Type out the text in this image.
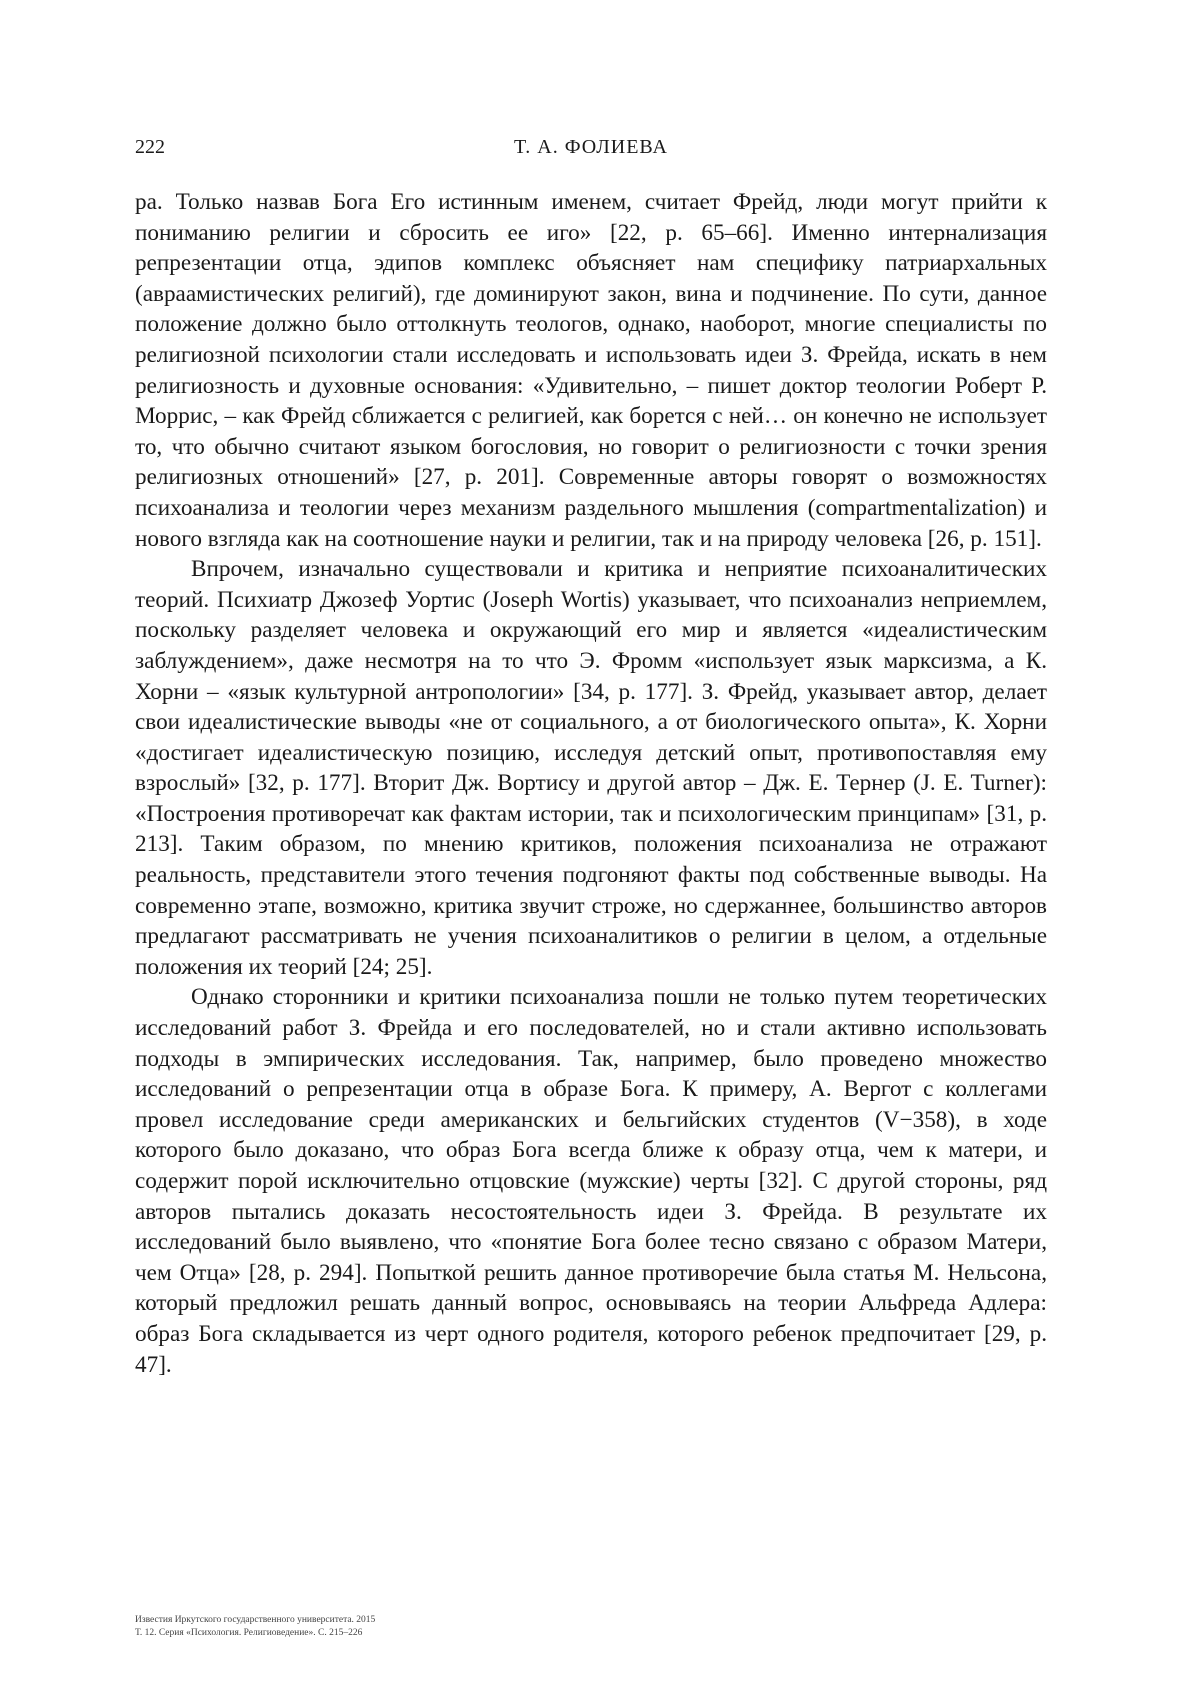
222	Т. А. ФОЛИЕВА

ра. Только назвав Бога Его истинным именем, считает Фрейд, люди могут прийти к пониманию религии и сбросить ее иго» [22, p. 65–66]. Именно интернализация репрезентации отца, эдипов комплекс объясняет нам специфику патриархальных (авраамистических религий), где доминируют закон, вина и подчинение. По сути, данное положение должно было оттолкнуть теологов, однако, наоборот, многие специалисты по религиозной психологии стали исследовать и использовать идеи З. Фрейда, искать в нем религиозность и духовные основания: «Удивительно, – пишет доктор теологии Роберт Р. Моррис, – как Фрейд сближается с религией, как борется с ней… он конечно не использует то, что обычно считают языком богословия, но говорит о религиозности с точки зрения религиозных отношений» [27, p. 201]. Современные авторы говорят о возможностях психоанализа и теологии через механизм раздельного мышления (compartmentalization) и нового взгляда как на соотношение науки и религии, так и на природу человека [26, p. 151].

Впрочем, изначально существовали и критика и неприятие психоаналитических теорий. Психиатр Джозеф Уортис (Joseph Wortis) указывает, что психоанализ неприемлем, поскольку разделяет человека и окружающий его мир и является «идеалистическим заблуждением», даже несмотря на то что Э. Фромм «использует язык марксизма, а К. Хорни – «язык культурной антропологии» [34, p. 177]. З. Фрейд, указывает автор, делает свои идеалистические выводы «не от социального, а от биологического опыта», К. Хорни «достигает идеалистическую позицию, исследуя детский опыт, противопоставляя ему взрослый» [32, p. 177]. Вторит Дж. Вортису и другой автор – Дж. Е. Тернер (J. E. Turner): «Построения противоречат как фактам истории, так и психологическим принципам» [31, p. 213]. Таким образом, по мнению критиков, положения психоанализа не отражают реальность, представители этого течения подгоняют факты под собственные выводы. На современно этапе, возможно, критика звучит строже, но сдержаннее, большинство авторов предлагают рассматривать не учения психоаналитиков о религии в целом, а отдельные положения их теорий [24; 25].

Однако сторонники и критики психоанализа пошли не только путем теоретических исследований работ З. Фрейда и его последователей, но и стали активно использовать подходы в эмпирических исследования. Так, например, было проведено множество исследований о репрезентации отца в образе Бога. К примеру, А. Вергот с коллегами провел исследование среди американских и бельгийских студентов (V−358), в ходе которого было доказано, что образ Бога всегда ближе к образу отца, чем к матери, и содержит порой исключительно отцовские (мужские) черты [32]. С другой стороны, ряд авторов пытались доказать несостоятельность идеи З. Фрейда. В результате их исследований было выявлено, что «понятие Бога более тесно связано с образом Матери, чем Отца» [28, p. 294]. Попыткой решить данное противоречие была статья М. Нельсона, который предложил решать данный вопрос, основываясь на теории Альфреда Адлера: образ Бога складывается из черт одного родителя, которого ребенок предпочитает [29, p. 47].

Известия Иркутского государственного университета. 2015
Т. 12. Серия «Психология. Религиоведение». С. 215–226
